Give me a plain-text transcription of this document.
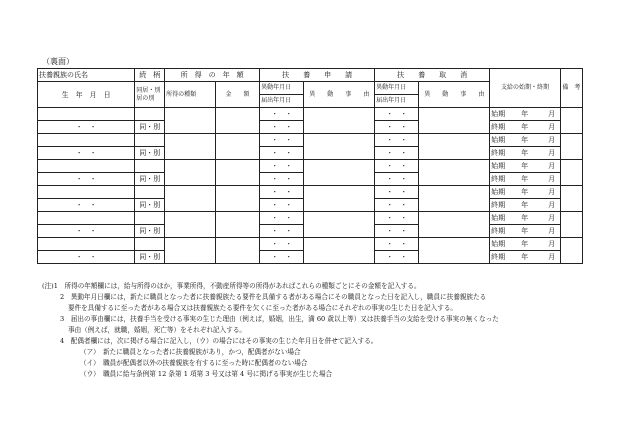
（裏面）
扶養親族の氏名	続　柄	所　得　の　年　額		扶　　養　　申　　請		扶　　養　　取　　消		支給の始期・終期	備　考
生　年　月　日	同居・別居の別	所得の種類	金　　額	異動年月日	異　　動　　事　　由	異動年月日	異　　動　　事　　由		
				届出年月日		届出年月日			
				・　・		・　・		始期 年 月	
・　・	同・別			・　・		・　・		終期 年 月	
				・　・		・　・		始期 年 月	
・　・	同・別			・　・		・　・		終期 年 月	
				・　・		・　・		始期 年 月	
・　・	同・別			・　・		・　・		終期 年 月	
				・　・		・　・		始期 年 月	
・　・	同・別			・　・		・　・		終期 年 月	
				・　・		・　・		始期 年 月	
・　・	同・別			・　・		・　・		終期 年 月	
				・　・		・　・		始期 年 月	
・　・	同・別			・　・		・　・		終期 年 月	
(注)1　所得の年額欄には，給与所得のほか，事業所得，不動産所得等の所得があればこれらの種類ごとにその金額を記入する。
2　異動年月日欄には，新たに職員となった者に扶養親族たる要件を具備する者がある場合にその職員となった日を記入し，職員に扶養親族たる
要件を具備するに至った者がある場合又は扶養親族たる要件を欠くに至った者がある場合にそれぞれの事実の生じた日を記入する。
3　届出の事由欄には，扶養手当を受ける事実の生じた理由（例えば，婚姻，出生，満 60 歳以上等）又は扶養手当の支給を受ける事実の無くなった
事由（例えば，就職，婚姻，死亡等）をそれぞれ記入する。
4　配偶者欄には，次に掲げる場合に記入し，（ウ）の場合にはその事実の生じた年月日を併せて記入する。
（ア）　新たに職員となった者に扶養親族があり，かつ，配偶者がない場合
（イ）　職員が配偶者以外の扶養親族を有するに至った時に配偶者のない場合
（ウ）　職員に給与条例第 12 条第 1 項第 3 号又は第 4 号に掲げる事実が生じた場合
